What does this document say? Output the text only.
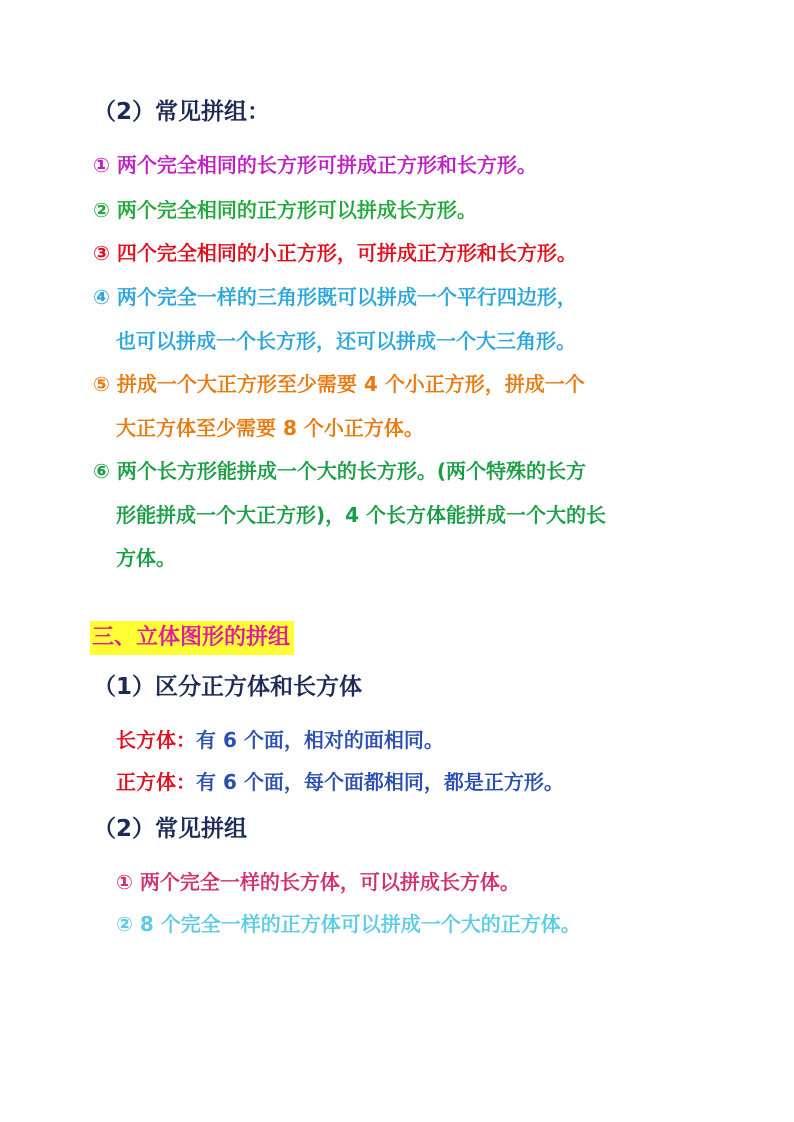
（2）常见拼组：
① 两个完全相同的长方形可拼成正方形和长方形。
② 两个完全相同的正方形可以拼成长方形。
③ 四个完全相同的小正方形，可拼成正方形和长方形。
④ 两个完全一样的三角形既可以拼成一个平行四边形，
也可以拼成一个长方形，还可以拼成一个大三角形。
⑤ 拼成一个大正方形至少需要 4 个小正方形，拼成一个
大正方体至少需要 8 个小正方体。
⑥ 两个长方形能拼成一个大的长方形。(两个特殊的长方
形能拼成一个大正方形)，4 个长方体能拼成一个大的长
方体。
三、立体图形的拼组
（1）区分正方体和长方体
长方体：有 6 个面，相对的面相同。
正方体：有 6 个面，每个面都相同，都是正方形。
（2）常见拼组
① 两个完全一样的长方体，可以拼成长方体。
② 8 个完全一样的正方体可以拼成一个大的正方体。
